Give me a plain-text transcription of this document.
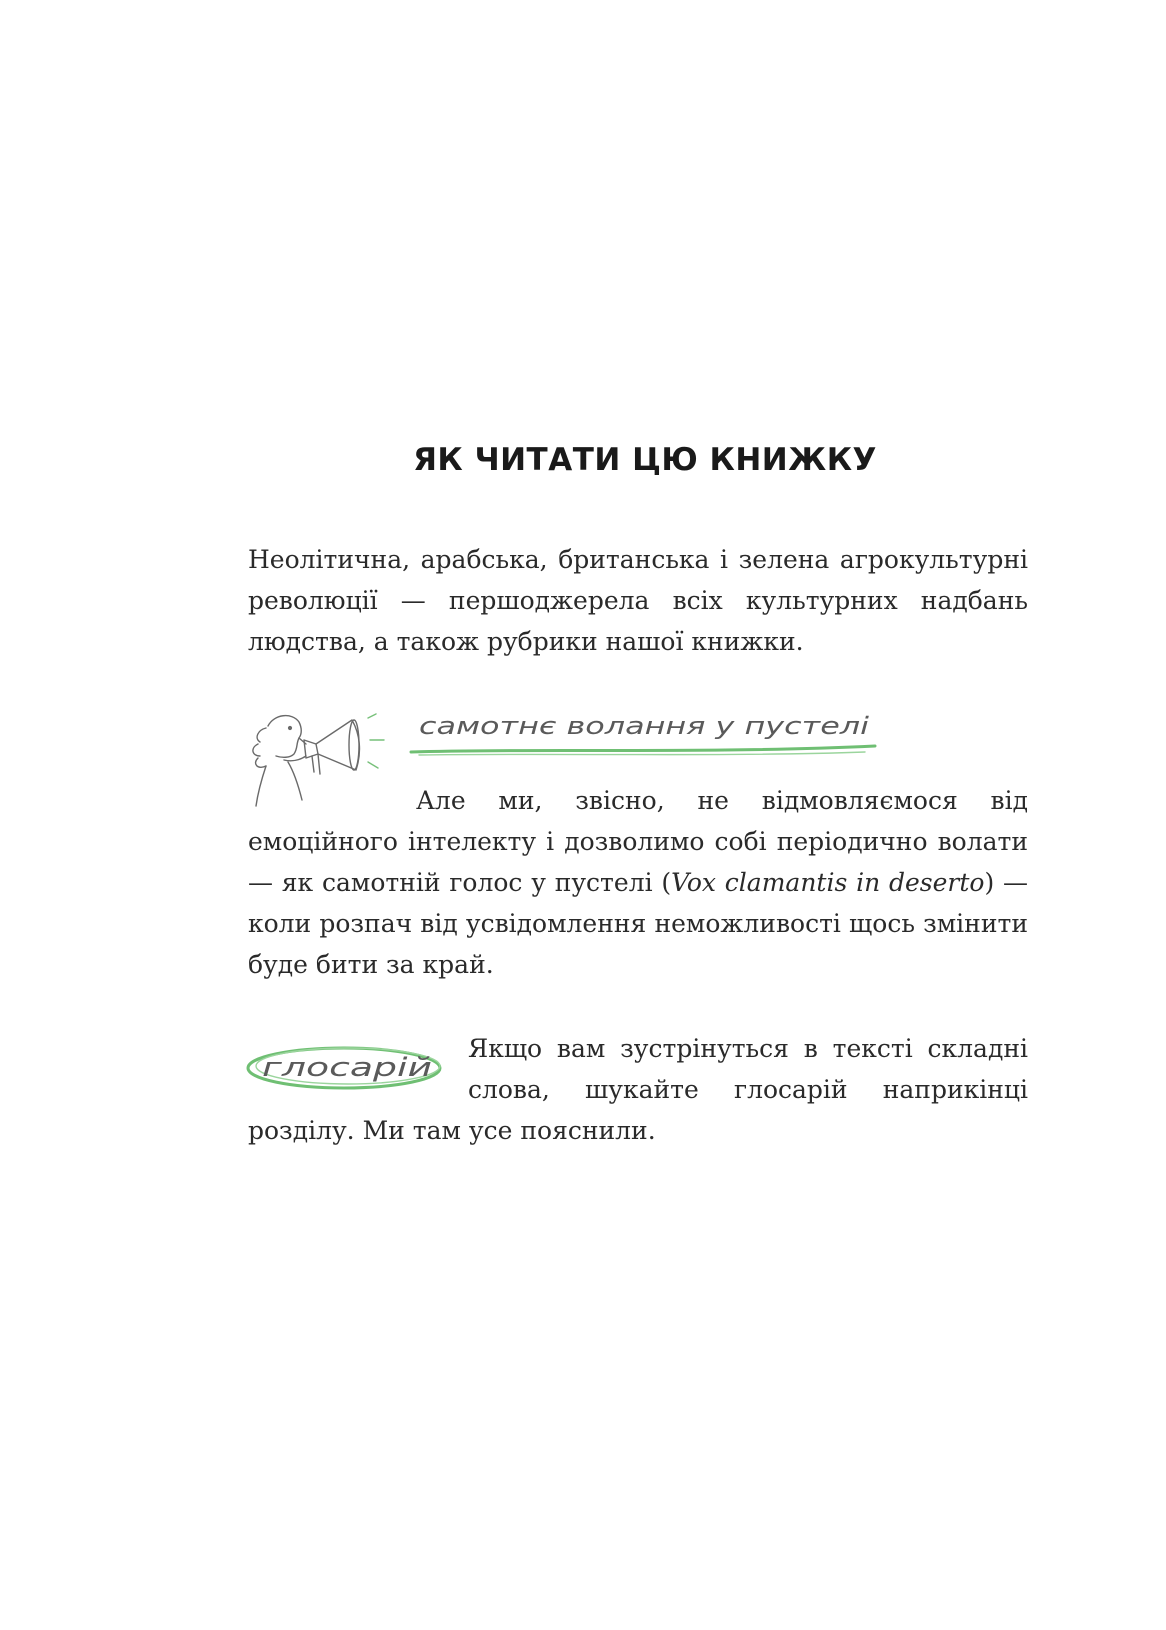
ЯК ЧИТАТИ ЦЮ КНИЖКУ

Неолітична, арабська, британська і зелена агрокультурні революції — першоджерела всіх культурних надбань людства, а також рубрики нашої книжки.

самотнє волання у пустелі

Але ми, звісно, не відмовляємося від емоційного інтелекту і дозволимо собі періодично волати — як самотній голос у пустелі (Vox clamantis in deserto) — коли розпач від усвідомлення неможливості щось змінити буде бити за край.

глосарій

Якщо вам зустрінуться в тексті складні слова, шукайте глосарій наприкінці розділу. Ми там усе пояснили.
